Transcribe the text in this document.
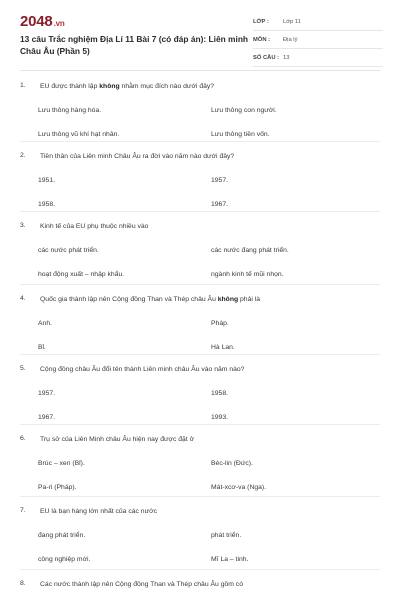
2048.vn
13 câu Trắc nghiệm Địa Lí 11 Bài 7 (có đáp án): Liên minh Châu Âu (Phần 5)
LỚP :	Lớp 11
MÔN :	Địa lý
SỐ CÂU : 13
1. EU được thành lập không nhằm mục đích nào dưới đây?
Lưu thông hàng hóa.	Lưu thông con người.
Lưu thông vũ khí hạt nhân.	Lưu thông tiền vốn.
2. Tiền thân của Liên minh Châu Âu ra đời vào năm nào dưới đây?
1951.	1957.
1958.	1967.
3. Kinh tế của EU phụ thuộc nhiều vào
các nước phát triển.	các nước đang phát triển.
hoạt động xuất – nhập khẩu.	ngành kinh tế mũi nhọn.
4. Quốc gia thành lập nên Cộng đồng Than và Thép châu Âu không phải là
Anh.	Pháp.
Bỉ.	Hà Lan.
5. Cộng đồng châu Âu đổi tên thành Liên minh châu Âu vào năm nào?
1957.	1958.
1967.	1993.
6. Trụ sở của Liên Minh châu Âu hiện nay được đặt ở
Brúc – xen (Bỉ).	Béc-lin (Đức).
Pa-ri (Pháp).	Mát-xcơ-va (Nga).
7. EU là bạn hàng lớn nhất của các nước
đang phát triển.	phát triển.
công nghiệp mới.	Mĩ La – tinh.
8. Các nước thành lập nên Cộng đồng Than và Thép châu Âu gồm có
